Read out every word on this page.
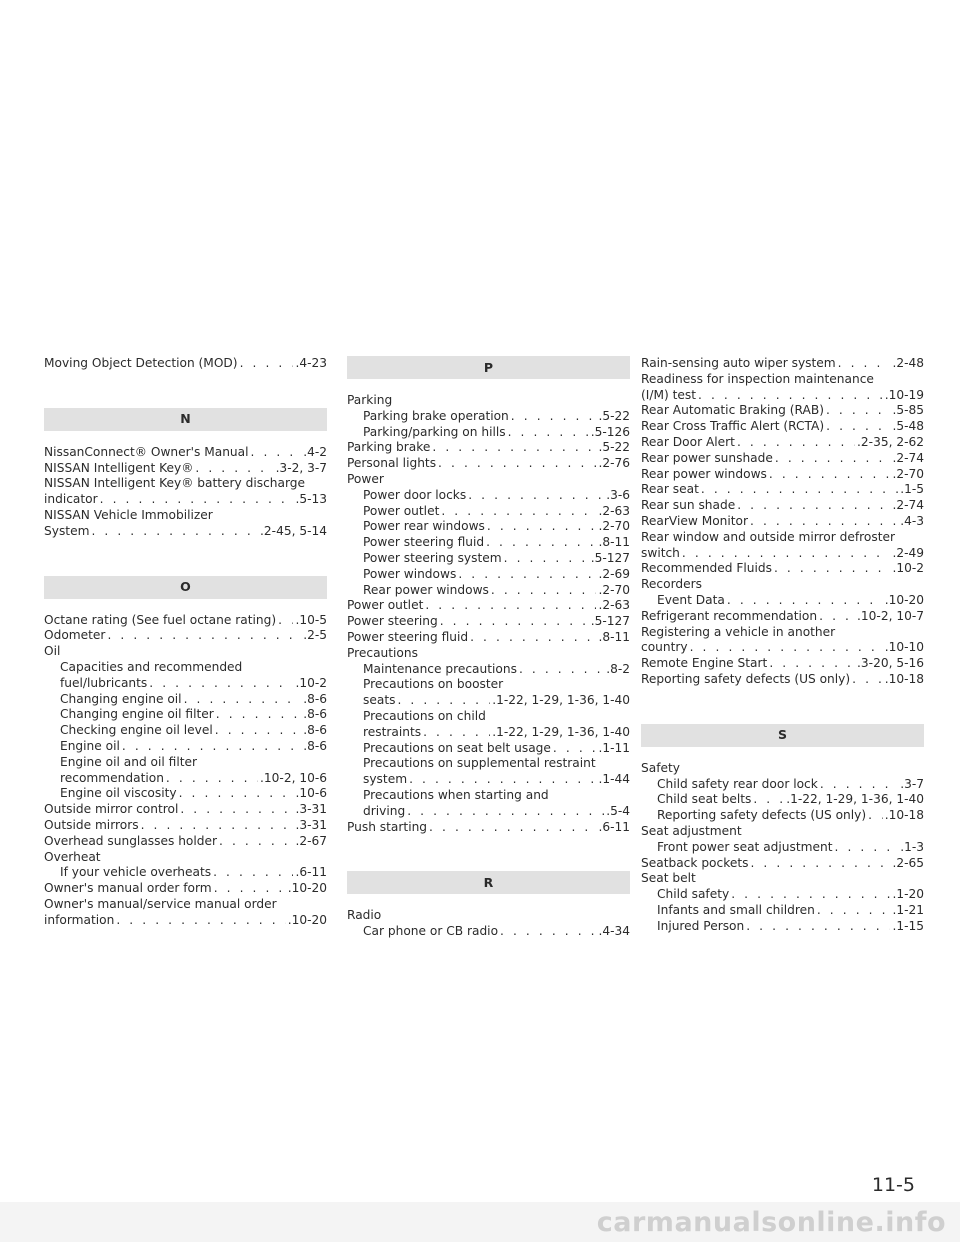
Moving Object Detection (MOD) . . .	.4-23
N
NissanConnect® Owner's Manual . . .	.4-2
NISSAN Intelligent Key® . . .	.3-2, 3-7
NISSAN Intelligent Key® battery discharge
indicator . . .	.5-13
NISSAN Vehicle Immobilizer
System . . .	.2-45, 5-14
O
Octane rating (See fuel octane rating) . . . .10-5
Odometer . . .	.2-5
Oil
Capacities and recommended
fuel/lubricants . . .	.10-2
Changing engine oil . . .	.8-6
Changing engine oil filter . . .	.8-6
Checking engine oil level . . .	.8-6
Engine oil . . .	.8-6
Engine oil and oil filter
recommendation . . .	.10-2, 10-6
Engine oil viscosity . . .	.10-6
Outside mirror control . . .	.3-31
Outside mirrors . . .	.3-31
Overhead sunglasses holder . . .	.2-67
Overheat
If your vehicle overheats . . .	.6-11
Owner's manual order form . . .	.10-20
Owner's manual/service manual order
information . . .	.10-20
P
Parking
Parking brake operation . . .	.5-22
Parking/parking on hills . . .	.5-126
Parking brake . . .	.5-22
Personal lights . . .	.2-76
Power
Power door locks . . .	.3-6
Power outlet . . .	.2-63
Power rear windows . . .	.2-70
Power steering fluid . . .	.8-11
Power steering system . . .	.5-127
Power windows . . .	.2-69
Rear power windows . . .	.2-70
Power outlet . . .	.2-63
Power steering . . .	.5-127
Power steering fluid . . .	.8-11
Precautions
Maintenance precautions . . .	.8-2
Precautions on booster
seats . . .	.1-22, 1-29, 1-36, 1-40
Precautions on child
restraints . . .	.1-22, 1-29, 1-36, 1-40
Precautions on seat belt usage . . .	.1-11
Precautions on supplemental restraint
system . . .	.1-44
Precautions when starting and
driving . . .	.5-4
Push starting . . .	.6-11
R
Radio
Car phone or CB radio . . .	.4-34
Rain-sensing auto wiper system . . .	.2-48
Readiness for inspection maintenance
(I/M) test . . .	.10-19
Rear Automatic Braking (RAB) . . .	.5-85
Rear Cross Traffic Alert (RCTA) . . .	.5-48
Rear Door Alert . . .	.2-35, 2-62
Rear power sunshade . . .	.2-74
Rear power windows . . .	.2-70
Rear seat . . .	.1-5
Rear sun shade . . .	.2-74
RearView Monitor . . .	.4-3
Rear window and outside mirror defroster
switch . . .	.2-49
Recommended Fluids . . .	.10-2
Recorders
Event Data . . .	.10-20
Refrigerant recommendation . . .	.10-2, 10-7
Registering a vehicle in another
country . . .	.10-10
Remote Engine Start . . .	.3-20, 5-16
Reporting safety defects (US only) . . .	.10-18
S
Safety
Child safety rear door lock . . .	.3-7
Child seat belts . . .	.1-22, 1-29, 1-36, 1-40
Reporting safety defects (US only) . . . .10-18
Seat adjustment
Front power seat adjustment . . .	.1-3
Seatback pockets . . .	.2-65
Seat belt
Child safety . . .	.1-20
Infants and small children . . .	.1-21
Injured Person . . .	.1-15
11-5
carmanualsonline.info
